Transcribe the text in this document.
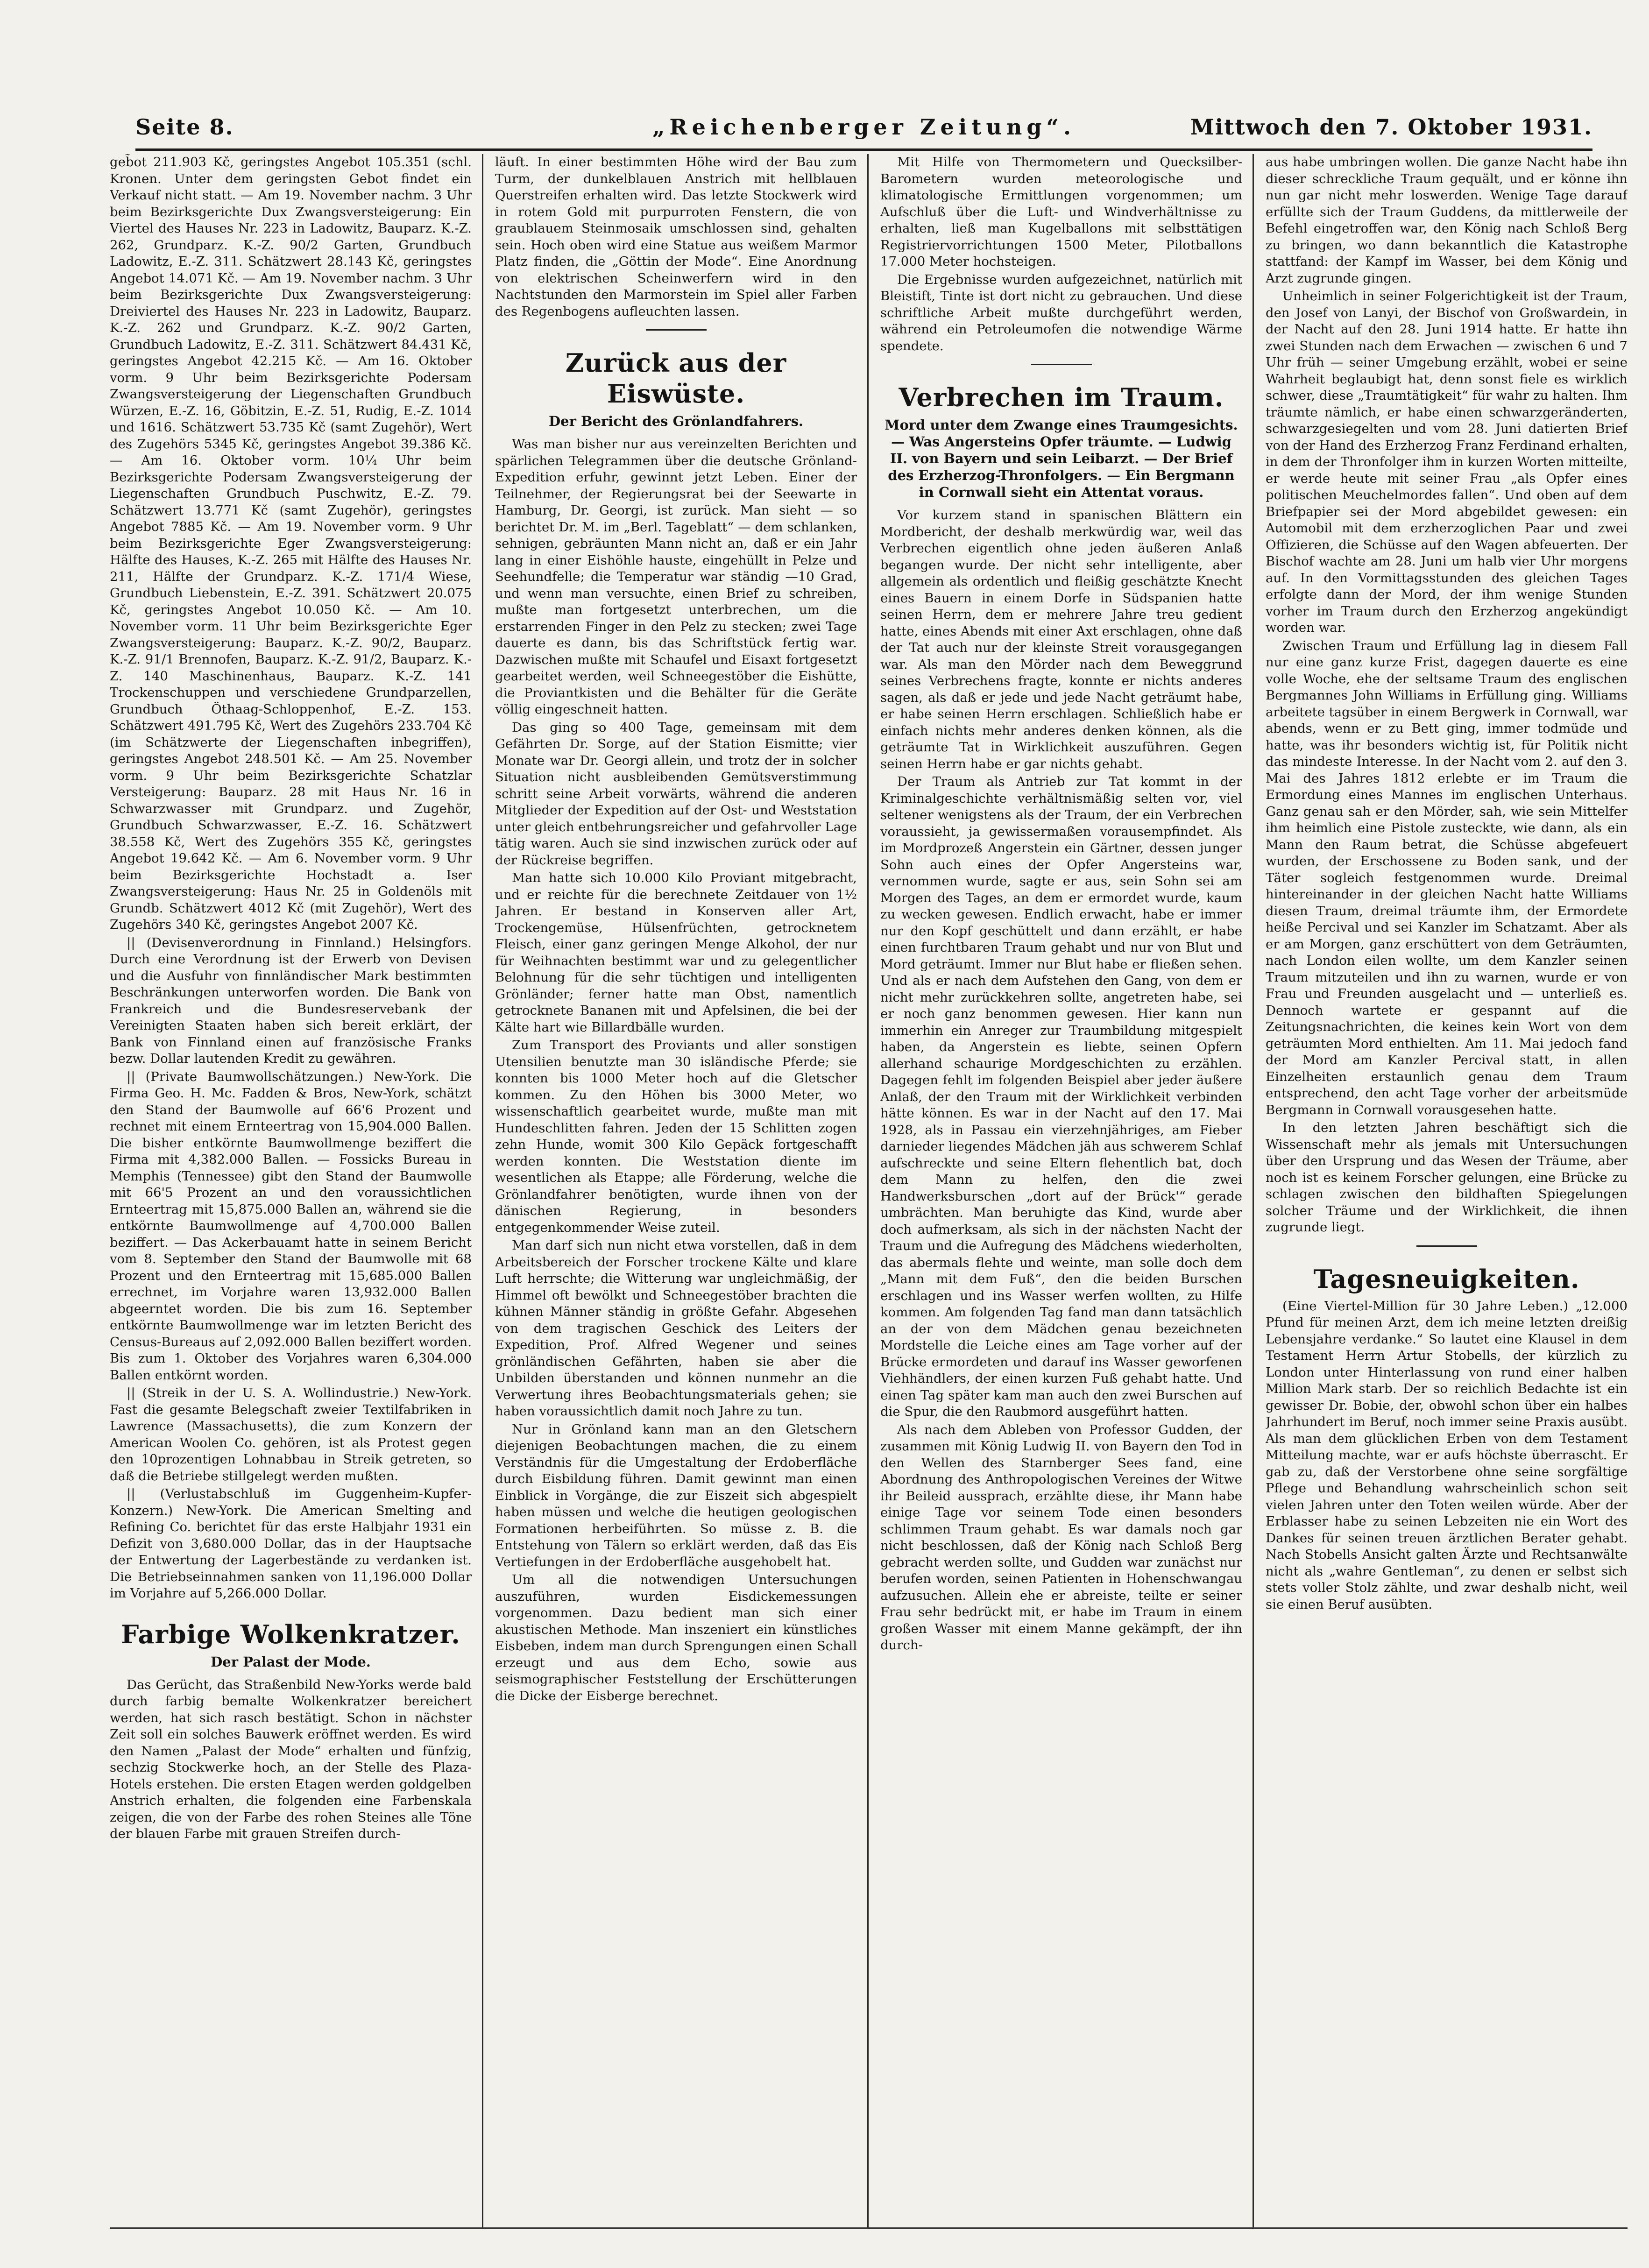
Seite 8.	„Reichenberger Zeitung“.	Mittwoch den 7. Oktober 1931.

geb̃ot 211.903 Kč, geringstes Angebot 105.351 (schl. Kronen. Unter dem geringsten Gebot findet ein Verkauf nicht statt. — Am 19. November nachm. 3 Uhr beim Bezirksgerichte Dux Zwangsversteigerung: Ein Viertel des Hauses Nr. 223 in Ladowitz, Bauparz. K.-Z. 262, Grundparz. K.-Z. 90/2 Garten, Grundbuch Ladowitz, E.-Z. 311. Schätzwert 28.143 Kč, geringstes Angebot 14.071 Kč. — Am 19. November nachm. 3 Uhr beim Bezirksgerichte Dux Zwangsversteigerung: Dreiviertel des Hauses Nr. 223 in Ladowitz, Bauparz. K.-Z. 262 und Grundparz. K.-Z. 90/2 Garten, Grundbuch Ladowitz, E.-Z. 311. Schätzwert 84.431 Kč, geringstes Angebot 42.215 Kč. — Am 16. Oktober vorm. 9 Uhr beim Bezirksgerichte Podersam Zwangsversteigerung der Liegenschaften Grundbuch Würzen, E.-Z. 16, Göbitzin, E.-Z. 51, Rudig, E.-Z. 1014 und 1616. Schätzwert 53.735 Kč (samt Zugehör), Wert des Zugehörs 5345 Kč, geringstes Angebot 39.386 Kč. — Am 16. Oktober vorm. 10¼ Uhr beim Bezirksgerichte Podersam Zwangsversteigerung der Liegenschaften Grundbuch Puschwitz, E.-Z. 79. Schätzwert 13.771 Kč (samt Zugehör), geringstes Angebot 7885 Kč. — Am 19. November vorm. 9 Uhr beim Bezirksgerichte Eger Zwangsversteigerung: Hälfte des Hauses, K.-Z. 265 mit Hälfte des Hauses Nr. 211, Hälfte der Grundparz. K.-Z. 171/4 Wiese, Grundbuch Liebenstein, E.-Z. 391. Schätzwert 20.075 Kč, geringstes Angebot 10.050 Kč. — Am 10. November vorm. 11 Uhr beim Bezirksgerichte Eger Zwangsversteigerung: Bauparz. K.-Z. 90/2, Bauparz. K.-Z. 91/1 Brennofen, Bauparz. K.-Z. 91/2, Bauparz. K.-Z. 140 Maschinenhaus, Bauparz. K.-Z. 141 Trockenschuppen und verschiedene Grundparzellen, Grundbuch Öthaag-Schloppenhof, E.-Z. 153. Schätzwert 491.795 Kč, Wert des Zugehörs 233.704 Kč (im Schätzwerte der Liegenschaften inbegriffen), geringstes Angebot 248.501 Kč. — Am 25. November vorm. 9 Uhr beim Bezirksgerichte Schatzlar Versteigerung: Bauparz. 28 mit Haus Nr. 16 in Schwarzwasser mit Grundparz. und Zugehör, Grundbuch Schwarzwasser, E.-Z. 16. Schätzwert 38.558 Kč, Wert des Zugehörs 355 Kč, geringstes Angebot 19.642 Kč. — Am 6. November vorm. 9 Uhr beim Bezirksgerichte Hochstadt a. Iser Zwangsversteigerung: Haus Nr. 25 in Goldenöls mit Grundb. Schätzwert 4012 Kč (mit Zugehör), Wert des Zugehörs 340 Kč, geringstes Angebot 2007 Kč.

|| (Devisenverordnung in Finnland.) Helsingfors. Durch eine Verordnung ist der Erwerb von Devisen und die Ausfuhr von finnländischer Mark bestimmten Beschränkungen unterworfen worden. Die Bank von Frankreich und die Bundesreservebank der Vereinigten Staaten haben sich bereit erklärt, der Bank von Finnland einen auf französische Franks bezw. Dollar lautenden Kredit zu gewähren.

|| (Private Baumwollschätzungen.) New-York. Die Firma Geo. H. Mc. Fadden & Bros, New-York, schätzt den Stand der Baumwolle auf 66'6 Prozent und rechnet mit einem Ernteertrag von 15,904.000 Ballen. Die bisher entkörnte Baumwollmenge beziffert die Firma mit 4,382.000 Ballen. — Fossicks Bureau in Memphis (Tennessee) gibt den Stand der Baumwolle mit 66'5 Prozent an und den voraussichtlichen Ernteertrag mit 15,875.000 Ballen an, während sie die entkörnte Baumwollmenge auf 4,700.000 Ballen beziffert. — Das Ackerbauamt hatte in seinem Bericht vom 8. September den Stand der Baumwolle mit 68 Prozent und den Ernteertrag mit 15,685.000 Ballen errechnet, im Vorjahre waren 13,932.000 Ballen abgeerntet worden. Die bis zum 16. September entkörnte Baumwollmenge war im letzten Bericht des Census-Bureaus auf 2,092.000 Ballen beziffert worden. Bis zum 1. Oktober des Vorjahres waren 6,304.000 Ballen entkörnt worden.

|| (Streik in der U. S. A. Wollindustrie.) New-York. Fast die gesamte Belegschaft zweier Textilfabriken in Lawrence (Massachusetts), die zum Konzern der American Woolen Co. gehören, ist als Protest gegen den 10prozentigen Lohnabbau in Streik getreten, so daß die Betriebe stillgelegt werden mußten.

|| (Verlustabschluß im Guggenheim-Kupfer-Konzern.) New-York. Die American Smelting and Refining Co. berichtet für das erste Halbjahr 1931 ein Defizit von 3,680.000 Dollar, das in der Hauptsache der Entwertung der Lagerbestände zu verdanken ist. Die Betriebseinnahmen sanken von 11,196.000 Dollar im Vorjahre auf 5,266.000 Dollar.

Farbige Wolkenkratzer.
Der Palast der Mode.

Das Gerücht, das Straßenbild New-Yorks werde bald durch farbig bemalte Wolkenkratzer bereichert werden, hat sich rasch bestätigt. Schon in nächster Zeit soll ein solches Bauwerk eröffnet werden. Es wird den Namen „Palast der Mode“ erhalten und fünfzig, sechzig Stockwerke hoch, an der Stelle des Plaza-Hotels erstehen. Die ersten Etagen werden goldgelben Anstrich erhalten, die folgenden eine Farbenskala zeigen, die von der Farbe des rohen Steines alle Töne der blauen Farbe mit grauen Streifen durch-

läuft. In einer bestimmten Höhe wird der Bau zum Turm, der dunkelblauen Anstrich mit hellblauen Querstreifen erhalten wird. Das letzte Stockwerk wird in rotem Gold mit purpurroten Fenstern, die von graublauem Steinmosaik umschlossen sind, gehalten sein. Hoch oben wird eine Statue aus weißem Marmor Platz finden, die „Göttin der Mode“. Eine Anordnung von elektrischen Scheinwerfern wird in den Nachtstunden den Marmorstein im Spiel aller Farben des Regenbogens aufleuchten lassen.

Zurück aus der Eiswüste.
Der Bericht des Grönlandfahrers.

Was man bisher nur aus vereinzelten Berichten und spärlichen Telegrammen über die deutsche Grönland-Expedition erfuhr, gewinnt jetzt Leben. Einer der Teilnehmer, der Regierungsrat bei der Seewarte in Hamburg, Dr. Georgi, ist zurück. Man sieht — so berichtet Dr. M. im „Berl. Tageblatt“ — dem schlanken, sehnigen, gebräunten Mann nicht an, daß er ein Jahr lang in einer Eishöhle hauste, eingehüllt in Pelze und Seehundfelle; die Temperatur war ständig —10 Grad, und wenn man versuchte, einen Brief zu schreiben, mußte man fortgesetzt unterbrechen, um die erstarrenden Finger in den Pelz zu stecken; zwei Tage dauerte es dann, bis das Schriftstück fertig war. Dazwischen mußte mit Schaufel und Eisaxt fortgesetzt gearbeitet werden, weil Schneegestöber die Eishütte, die Proviantkisten und die Behälter für die Geräte völlig eingeschneit hatten.

Das ging so 400 Tage, gemeinsam mit dem Gefährten Dr. Sorge, auf der Station Eismitte; vier Monate war Dr. Georgi allein, und trotz der in solcher Situation nicht ausbleibenden Gemütsverstimmung schritt seine Arbeit vorwärts, während die anderen Mitglieder der Expedition auf der Ost- und Weststation unter gleich entbehrungsreicher und gefahrvoller Lage tätig waren. Auch sie sind inzwischen zurück oder auf der Rückreise begriffen.

Man hatte sich 10.000 Kilo Proviant mitgebracht, und er reichte für die berechnete Zeitdauer von 1½ Jahren. Er bestand in Konserven aller Art, Trockengemüse, Hülsenfrüchten, getrocknetem Fleisch, einer ganz geringen Menge Alkohol, der nur für Weihnachten bestimmt war und zu gelegentlicher Belohnung für die sehr tüchtigen und intelligenten Grönländer; ferner hatte man Obst, namentlich getrocknete Bananen mit und Apfelsinen, die bei der Kälte hart wie Billardbälle wurden.

Zum Transport des Proviants und aller sonstigen Utensilien benutzte man 30 isländische Pferde; sie konnten bis 1000 Meter hoch auf die Gletscher kommen. Zu den Höhen bis 3000 Meter, wo wissenschaftlich gearbeitet wurde, mußte man mit Hundeschlitten fahren. Jeden der 15 Schlitten zogen zehn Hunde, womit 300 Kilo Gepäck fortgeschafft werden konnten. Die Weststation diente im wesentlichen als Etappe; alle Förderung, welche die Grönlandfahrer benötigten, wurde ihnen von der dänischen Regierung, in besonders entgegenkommender Weise zuteil.

Man darf sich nun nicht etwa vorstellen, daß in dem Arbeitsbereich der Forscher trockene Kälte und klare Luft herrschte; die Witterung war ungleichmäßig, der Himmel oft bewölkt und Schneegestöber brachten die kühnen Männer ständig in größte Gefahr. Abgesehen von dem tragischen Geschick des Leiters der Expedition, Prof. Alfred Wegener und seines grönländischen Gefährten, haben sie aber die Unbilden überstanden und können nunmehr an die Verwertung ihres Beobachtungsmaterials gehen; sie haben voraussichtlich damit noch Jahre zu tun.

Nur in Grönland kann man an den Gletschern diejenigen Beobachtungen machen, die zu einem Verständnis für die Umgestaltung der Erdoberfläche durch Eisbildung führen. Damit gewinnt man einen Einblick in Vorgänge, die zur Eiszeit sich abgespielt haben müssen und welche die heutigen geologischen Formationen herbeiführten. So müsse z. B. die Entstehung von Tälern so erklärt werden, daß das Eis Vertiefungen in der Erdoberfläche ausgehobelt hat.

Um all die notwendigen Untersuchungen auszuführen, wurden Eisdickemessungen vorgenommen. Dazu bedient man sich einer akustischen Methode. Man inszeniert ein künstliches Eisbeben, indem man durch Sprengungen einen Schall erzeugt und aus dem Echo, sowie aus seismographischer Feststellung der Erschütterungen die Dicke der Eisberge berechnet.

Mit Hilfe von Thermometern und Quecksilber-Barometern wurden meteorologische und klimatologische Ermittlungen vorgenommen; um Aufschluß über die Luft- und Windverhältnisse zu erhalten, ließ man Kugelballons mit selbsttätigen Registriervorrichtungen 1500 Meter, Pilotballons 17.000 Meter hochsteigen.

Die Ergebnisse wurden aufgezeichnet, natürlich mit Bleistift, Tinte ist dort nicht zu gebrauchen. Und diese schriftliche Arbeit mußte durchgeführt werden, während ein Petroleumofen die notwendige Wärme spendete.

Verbrechen im Traum.
Mord unter dem Zwange eines Traumgesichts. — Was Angersteins Opfer träumte. — Ludwig II. von Bayern und sein Leibarzt. — Der Brief des Erzherzog-Thronfolgers. — Ein Bergmann in Cornwall sieht ein Attentat voraus.

Vor kurzem stand in spanischen Blättern ein Mordbericht, der deshalb merkwürdig war, weil das Verbrechen eigentlich ohne jeden äußeren Anlaß begangen wurde. Der nicht sehr intelligente, aber allgemein als ordentlich und fleißig geschätzte Knecht eines Bauern in einem Dorfe in Südspanien hatte seinen Herrn, dem er mehrere Jahre treu gedient hatte, eines Abends mit einer Axt erschlagen, ohne daß der Tat auch nur der kleinste Streit vorausgegangen war. Als man den Mörder nach dem Beweggrund seines Verbrechens fragte, konnte er nichts anderes sagen, als daß er jede und jede Nacht geträumt habe, er habe seinen Herrn erschlagen. Schließlich habe er einfach nichts mehr anderes denken können, als die geträumte Tat in Wirklichkeit auszuführen. Gegen seinen Herrn habe er gar nichts gehabt.

Der Traum als Antrieb zur Tat kommt in der Kriminalgeschichte verhältnismäßig selten vor, viel seltener wenigstens als der Traum, der ein Verbrechen voraussieht, ja gewissermaßen vorausempfindet. Als im Mordprozeß Angerstein ein Gärtner, dessen junger Sohn auch eines der Opfer Angersteins war, vernommen wurde, sagte er aus, sein Sohn sei am Morgen des Tages, an dem er ermordet wurde, kaum zu wecken gewesen. Endlich erwacht, habe er immer nur den Kopf geschüttelt und dann erzählt, er habe einen furchtbaren Traum gehabt und nur von Blut und Mord geträumt. Immer nur Blut habe er fließen sehen. Und als er nach dem Aufstehen den Gang, von dem er nicht mehr zurückkehren sollte, angetreten habe, sei er noch ganz benommen gewesen. Hier kann nun immerhin ein Anreger zur Traumbildung mitgespielt haben, da Angerstein es liebte, seinen Opfern allerhand schaurige Mordgeschichten zu erzählen. Dagegen fehlt im folgenden Beispiel aber jeder äußere Anlaß, der den Traum mit der Wirklichkeit verbinden hätte können. Es war in der Nacht auf den 17. Mai 1928, als in Passau ein vierzehnjähriges, am Fieber darnieder liegendes Mädchen jäh aus schwerem Schlaf aufschreckte und seine Eltern flehentlich bat, doch dem Mann zu helfen, den die zwei Handwerksburschen „dort auf der Brück'“ gerade umbrächten. Man beruhigte das Kind, wurde aber doch aufmerksam, als sich in der nächsten Nacht der Traum und die Aufregung des Mädchens wiederholten, das abermals flehte und weinte, man solle doch dem „Mann mit dem Fuß“, den die beiden Burschen erschlagen und ins Wasser werfen wollten, zu Hilfe kommen. Am folgenden Tag fand man dann tatsächlich an der von dem Mädchen genau bezeichneten Mordstelle die Leiche eines am Tage vorher auf der Brücke ermordeten und darauf ins Wasser geworfenen Viehhändlers, der einen kurzen Fuß gehabt hatte. Und einen Tag später kam man auch den zwei Burschen auf die Spur, die den Raubmord ausgeführt hatten.

Als nach dem Ableben von Professor Gudden, der zusammen mit König Ludwig II. von Bayern den Tod in den Wellen des Starnberger Sees fand, eine Abordnung des Anthropologischen Vereines der Witwe ihr Beileid aussprach, erzählte diese, ihr Mann habe einige Tage vor seinem Tode einen besonders schlimmen Traum gehabt. Es war damals noch gar nicht beschlossen, daß der König nach Schloß Berg gebracht werden sollte, und Gudden war zunächst nur berufen worden, seinen Patienten in Hohenschwangau aufzusuchen. Allein ehe er abreiste, teilte er seiner Frau sehr bedrückt mit, er habe im Traum in einem großen Wasser mit einem Manne gekämpft, der ihn durch-

aus habe umbringen wollen. Die ganze Nacht habe ihn dieser schreckliche Traum gequält, und er könne ihn nun gar nicht mehr loswerden. Wenige Tage darauf erfüllte sich der Traum Guddens, da mittlerweile der Befehl eingetroffen war, den König nach Schloß Berg zu bringen, wo dann bekanntlich die Katastrophe stattfand: der Kampf im Wasser, bei dem König und Arzt zugrunde gingen.

Unheimlich in seiner Folgerichtigkeit ist der Traum, den Josef von Lanyi, der Bischof von Großwardein, in der Nacht auf den 28. Juni 1914 hatte. Er hatte ihn zwei Stunden nach dem Erwachen — zwischen 6 und 7 Uhr früh — seiner Umgebung erzählt, wobei er seine Wahrheit beglaubigt hat, denn sonst fiele es wirklich schwer, diese „Traumtätigkeit“ für wahr zu halten. Ihm träumte nämlich, er habe einen schwarzgeränderten, schwarzgesiegelten und vom 28. Juni datierten Brief von der Hand des Erzherzog Franz Ferdinand erhalten, in dem der Thronfolger ihm in kurzen Worten mitteilte, er werde heute mit seiner Frau „als Opfer eines politischen Meuchelmordes fallen“. Und oben auf dem Briefpapier sei der Mord abgebildet gewesen: ein Automobil mit dem erzherzoglichen Paar und zwei Offizieren, die Schüsse auf den Wagen abfeuerten. Der Bischof wachte am 28. Juni um halb vier Uhr morgens auf. In den Vormittagsstunden des gleichen Tages erfolgte dann der Mord, der ihm wenige Stunden vorher im Traum durch den Erzherzog angekündigt worden war.

Zwischen Traum und Erfüllung lag in diesem Fall nur eine ganz kurze Frist, dagegen dauerte es eine volle Woche, ehe der seltsame Traum des englischen Bergmannes John Williams in Erfüllung ging. Williams arbeitete tagsüber in einem Bergwerk in Cornwall, war abends, wenn er zu Bett ging, immer todmüde und hatte, was ihr besonders wichtig ist, für Politik nicht das mindeste Interesse. In der Nacht vom 2. auf den 3. Mai des Jahres 1812 erlebte er im Traum die Ermordung eines Mannes im englischen Unterhaus. Ganz genau sah er den Mörder, sah, wie sein Mittelfer ihm heimlich eine Pistole zusteckte, wie dann, als ein Mann den Raum betrat, die Schüsse abgefeuert wurden, der Erschossene zu Boden sank, und der Täter sogleich festgenommen wurde. Dreimal hintereinander in der gleichen Nacht hatte Williams diesen Traum, dreimal träumte ihm, der Ermordete heiße Percival und sei Kanzler im Schatzamt. Aber als er am Morgen, ganz erschüttert von dem Geträumten, nach London eilen wollte, um dem Kanzler seinen Traum mitzuteilen und ihn zu warnen, wurde er von Frau und Freunden ausgelacht und — unterließ es. Dennoch wartete er gespannt auf die Zeitungsnachrichten, die keines kein Wort von dem geträumten Mord enthielten. Am 11. Mai jedoch fand der Mord am Kanzler Percival statt, in allen Einzelheiten erstaunlich genau dem Traum entsprechend, den acht Tage vorher der arbeitsmüde Bergmann in Cornwall vorausgesehen hatte.

In den letzten Jahren beschäftigt sich die Wissenschaft mehr als jemals mit Untersuchungen über den Ursprung und das Wesen der Träume, aber noch ist es keinem Forscher gelungen, eine Brücke zu schlagen zwischen den bildhaften Spiegelungen solcher Träume und der Wirklichkeit, die ihnen zugrunde liegt.

Tagesneuigkeiten.

(Eine Viertel-Million für 30 Jahre Leben.) „12.000 Pfund für meinen Arzt, dem ich meine letzten dreißig Lebensjahre verdanke.“ So lautet eine Klausel in dem Testament Herrn Artur Stobells, der kürzlich zu London unter Hinterlassung von rund einer halben Million Mark starb. Der so reichlich Bedachte ist ein gewisser Dr. Bobie, der, obwohl schon über ein halbes Jahrhundert im Beruf, noch immer seine Praxis ausübt. Als man dem glücklichen Erben von dem Testament Mitteilung machte, war er aufs höchste überrascht. Er gab zu, daß der Verstorbene ohne seine sorgfältige Pflege und Behandlung wahrscheinlich schon seit vielen Jahren unter den Toten weilen würde. Aber der Erblasser habe zu seinen Lebzeiten nie ein Wort des Dankes für seinen treuen ärztlichen Berater gehabt. Nach Stobells Ansicht galten Ärzte und Rechtsanwälte nicht als „wahre Gentleman“, zu denen er selbst sich stets voller Stolz zählte, und zwar deshalb nicht, weil sie einen Beruf ausübten.
